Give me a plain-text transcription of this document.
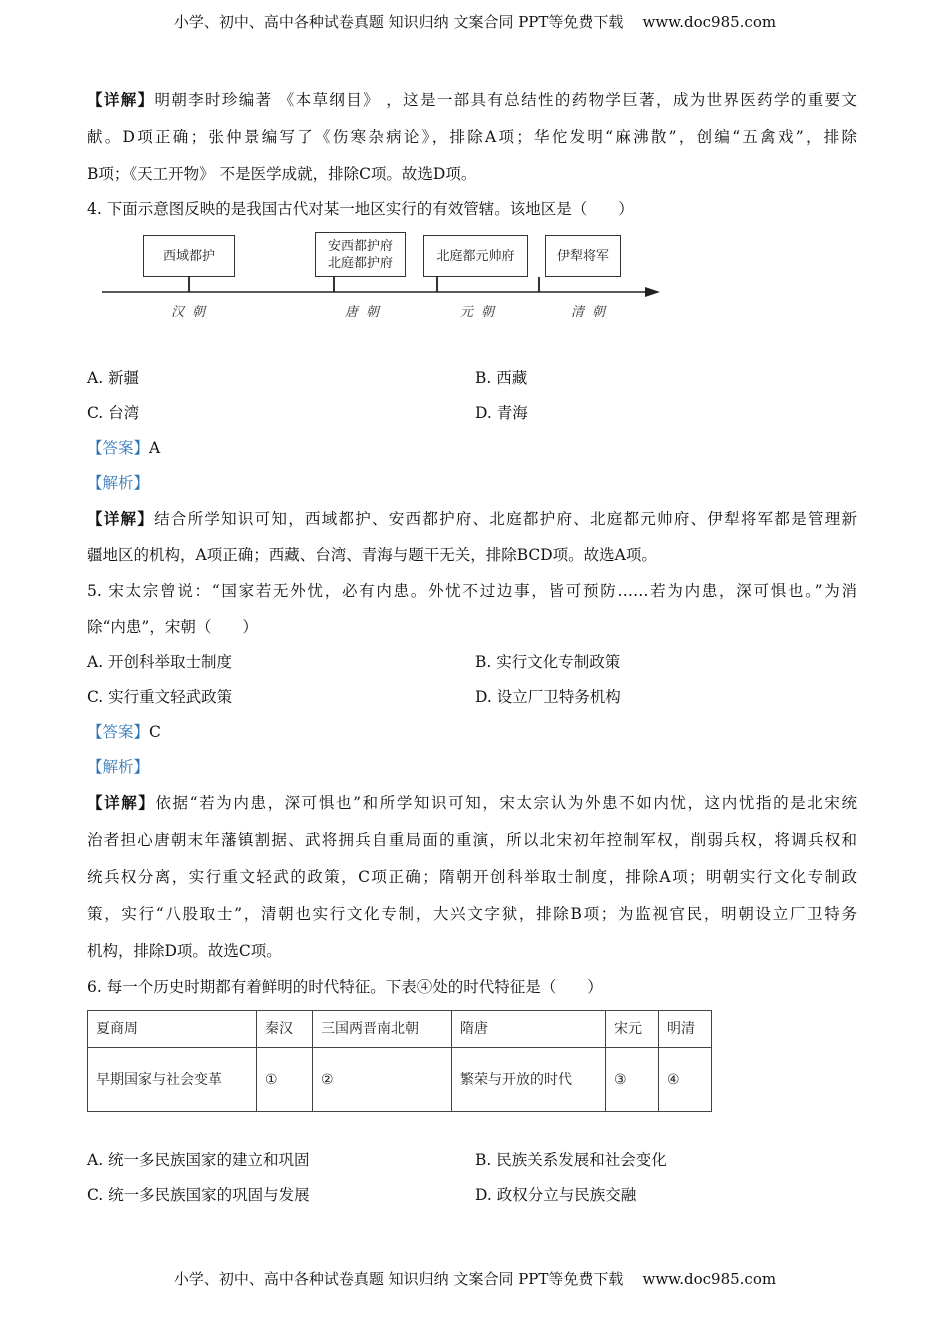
小学、初中、高中各种试卷真题 知识归纳 文案合同 PPT等免费下载 www.doc985.com
【详解】明朝李时珍编著 《本草纲目》 ，这是一部具有总结性的药物学巨著，成为世界医药学的重要文
献。D项正确；张仲景编写了《伤寒杂病论》，排除A项；华佗发明“麻沸散”，创编“五禽戏”，排除
B项；《天工开物》 不是医学成就，排除C项。故选D项。
4. 下面示意图反映的是我国古代对某一地区实行的有效管辖。该地区是（　　）
西域都护
安西都护府
北庭都护府	北庭都元帅府	伊犁将军
汉朝	唐朝	元朝	清朝
A. 新疆	B. 西藏
C. 台湾	D. 青海
【答案】A
【解析】
【详解】结合所学知识可知，西域都护、安西都护府、北庭都护府、北庭都元帅府、伊犁将军都是管理新
疆地区的机构，A项正确；西藏、台湾、青海与题干无关，排除BCD项。故选A项。
5. 宋太宗曾说：“国家若无外忧，必有内患。外忧不过边事，皆可预防……若为内患，深可惧也。”为消
除“内患”，宋朝（　　）
A. 开创科举取士制度	B. 实行文化专制政策
C. 实行重文轻武政策	D. 设立厂卫特务机构
【答案】C
【解析】
【详解】依据“若为内患，深可惧也”和所学知识可知，宋太宗认为外患不如内忧，这内忧指的是北宋统
治者担心唐朝末年藩镇割据、武将拥兵自重局面的重演，所以北宋初年控制军权，削弱兵权，将调兵权和
统兵权分离，实行重文轻武的政策，C项正确；隋朝开创科举取士制度，排除A项；明朝实行文化专制政
策，实行“八股取士”，清朝也实行文化专制，大兴文字狱，排除B项；为监视官民，明朝设立厂卫特务
机构，排除D项。故选C项。
6. 每一个历史时期都有着鲜明的时代特征。下表④处的时代特征是（　　）
夏商周	秦汉	三国两晋南北朝	隋唐	宋元	明清
早期国家与社会变革	①	②	繁荣与开放的时代	③	④
A. 统一多民族国家的建立和巩固	B. 民族关系发展和社会变化
C. 统一多民族国家的巩固与发展	D. 政权分立与民族交融
小学、初中、高中各种试卷真题 知识归纳 文案合同 PPT等免费下载 www.doc985.com
